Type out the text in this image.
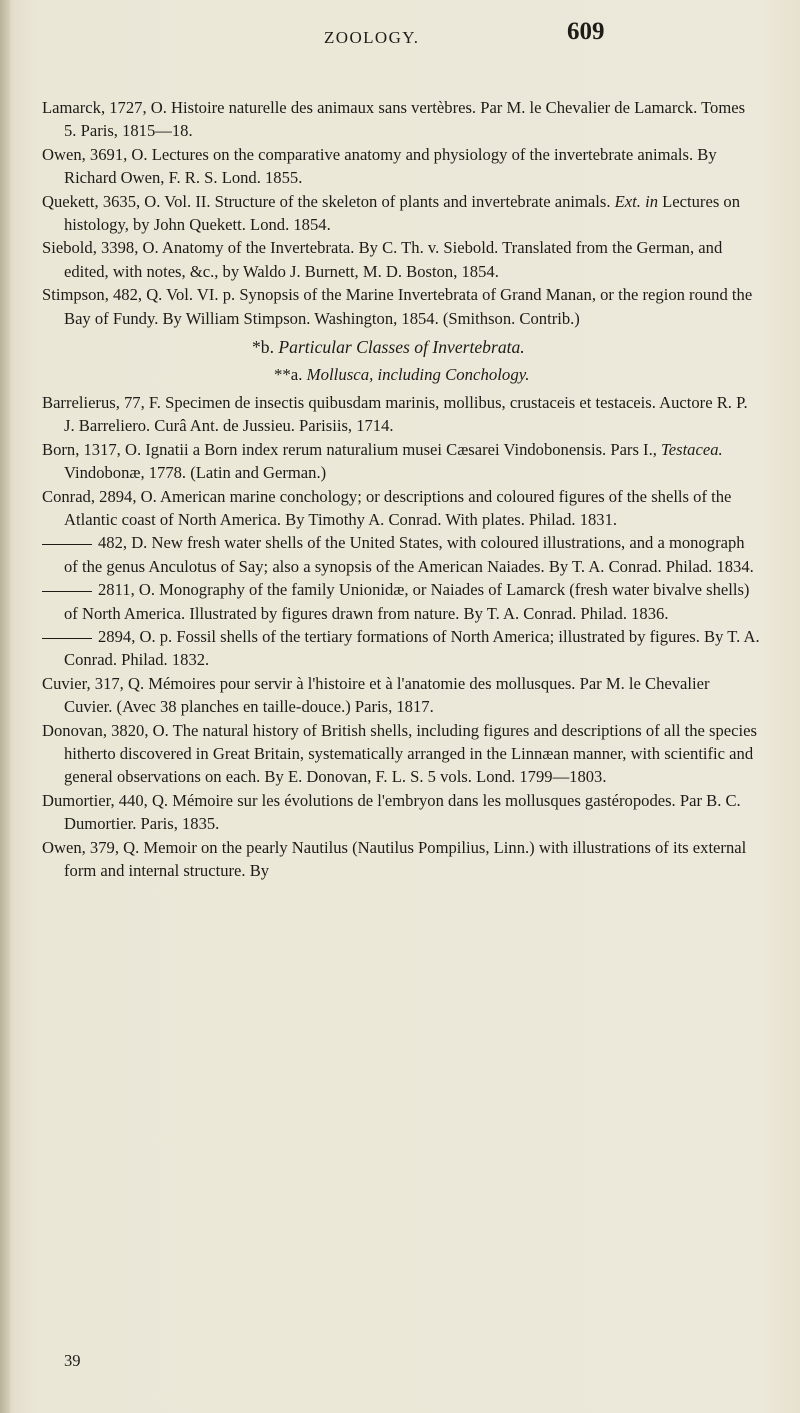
ZOOLOGY.	609

Lamarck, 1727, O. Histoire naturelle des animaux sans vertèbres. Par M. le Chevalier de Lamarck. Tomes 5. Paris, 1815—18.

Owen, 3691, O. Lectures on the comparative anatomy and physiology of the invertebrate animals. By Richard Owen, F. R. S. Lond. 1855.

Quekett, 3635, O. Vol. II. Structure of the skeleton of plants and invertebrate animals. Ext. in Lectures on histology, by John Quekett. Lond. 1854.

Siebold, 3398, O. Anatomy of the Invertebrata. By C. Th. v. Siebold. Translated from the German, and edited, with notes, &c., by Waldo J. Burnett, M. D. Boston, 1854.

Stimpson, 482, Q. Vol. VI. p. Synopsis of the Marine Invertebrata of Grand Manan, or the region round the Bay of Fundy. By William Stimpson. Washington, 1854. (Smithson. Contrib.)

*b. Particular Classes of Invertebrata.

**a. Mollusca, including Conchology.

Barrelierus, 77, F. Specimen de insectis quibusdam marinis, mollibus, crustaceis et testaceis. Auctore R. P. J. Barreliero. Curâ Ant. de Jussieu. Parisiis, 1714.

Born, 1317, O. Ignatii a Born index rerum naturalium musei Cæsarei Vindobonensis. Pars I., Testacea. Vindobonæ, 1778. (Latin and German.)

Conrad, 2894, O. American marine conchology; or descriptions and coloured figures of the shells of the Atlantic coast of North America. By Timothy A. Conrad. With plates. Philad. 1831.

482, D. New fresh water shells of the United States, with coloured illustrations, and a monograph of the genus Anculotus of Say; also a synopsis of the American Naiades. By T. A. Conrad. Philad. 1834.

2811, O. Monography of the family Unionidæ, or Naiades of Lamarck (fresh water bivalve shells) of North America. Illustrated by figures drawn from nature. By T. A. Conrad. Philad. 1836.

2894, O. p. Fossil shells of the tertiary formations of North America; illustrated by figures. By T. A. Conrad. Philad. 1832.

Cuvier, 317, Q. Mémoires pour servir à l'histoire et à l'anatomie des mollusques. Par M. le Chevalier Cuvier. (Avec 38 planches en taille-douce.) Paris, 1817.

Donovan, 3820, O. The natural history of British shells, including figures and descriptions of all the species hitherto discovered in Great Britain, systematically arranged in the Linnæan manner, with scientific and general observations on each. By E. Donovan, F. L. S. 5 vols. Lond. 1799—1803.

Dumortier, 440, Q. Mémoire sur les évolutions de l'embryon dans les mollusques gastéropodes. Par B. C. Dumortier. Paris, 1835.

Owen, 379, Q. Memoir on the pearly Nautilus (Nautilus Pompilius, Linn.) with illustrations of its external form and internal structure. By

39
